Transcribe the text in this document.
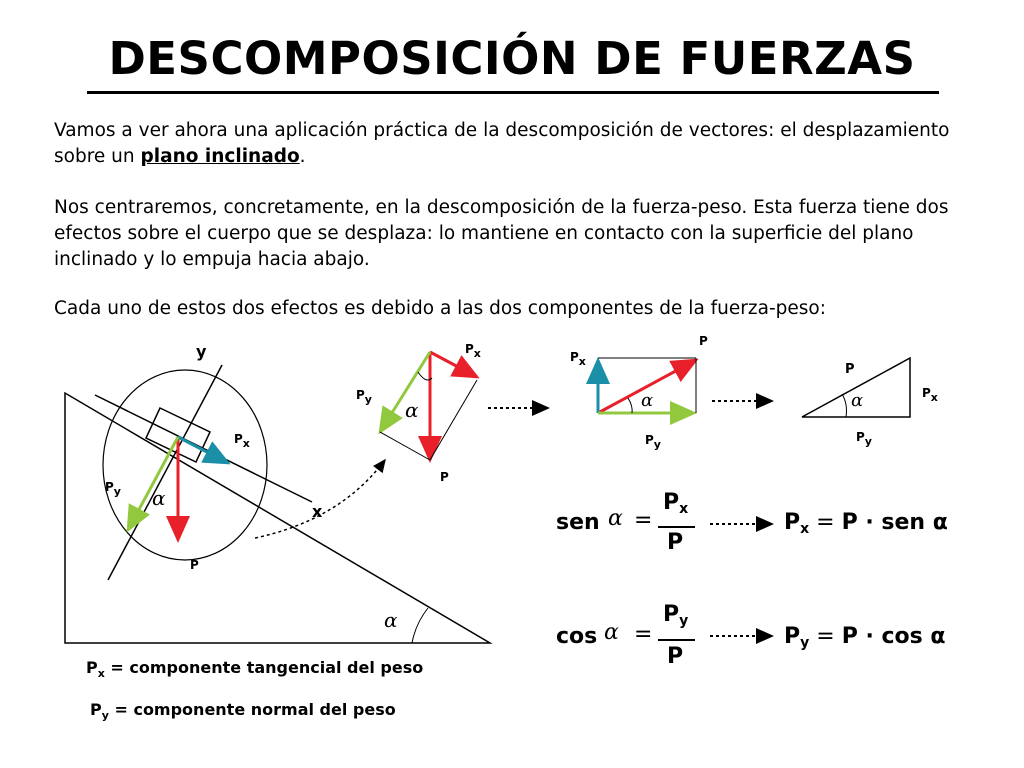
DESCOMPOSICIÓN DE FUERZAS
Vamos a ver ahora una aplicación práctica de la descomposición de vectores: el desplazamiento sobre un plano inclinado.
Nos centraremos, concretamente, en la descomposición de la fuerza-peso. Esta fuerza tiene dos efectos sobre el cuerpo que se desplaza: lo mantiene en contacto con la superficie del plano inclinado y lo empuja hacia abajo.
Cada uno de estos dos efectos es debido a las dos componentes de la fuerza-peso:
y
x
α
α
Px
Py
P
Px
Py
P
α
P
Px
Py
α
P
Px
Py
α
sen α =
$P_x$
P
$P_x = P$ · sen α
cos α =
$P_y$
P
$P_y = P \cdot \cos \alpha$
$P_x$ = componente tangencial del peso
$P_y$ = componente normal del peso
